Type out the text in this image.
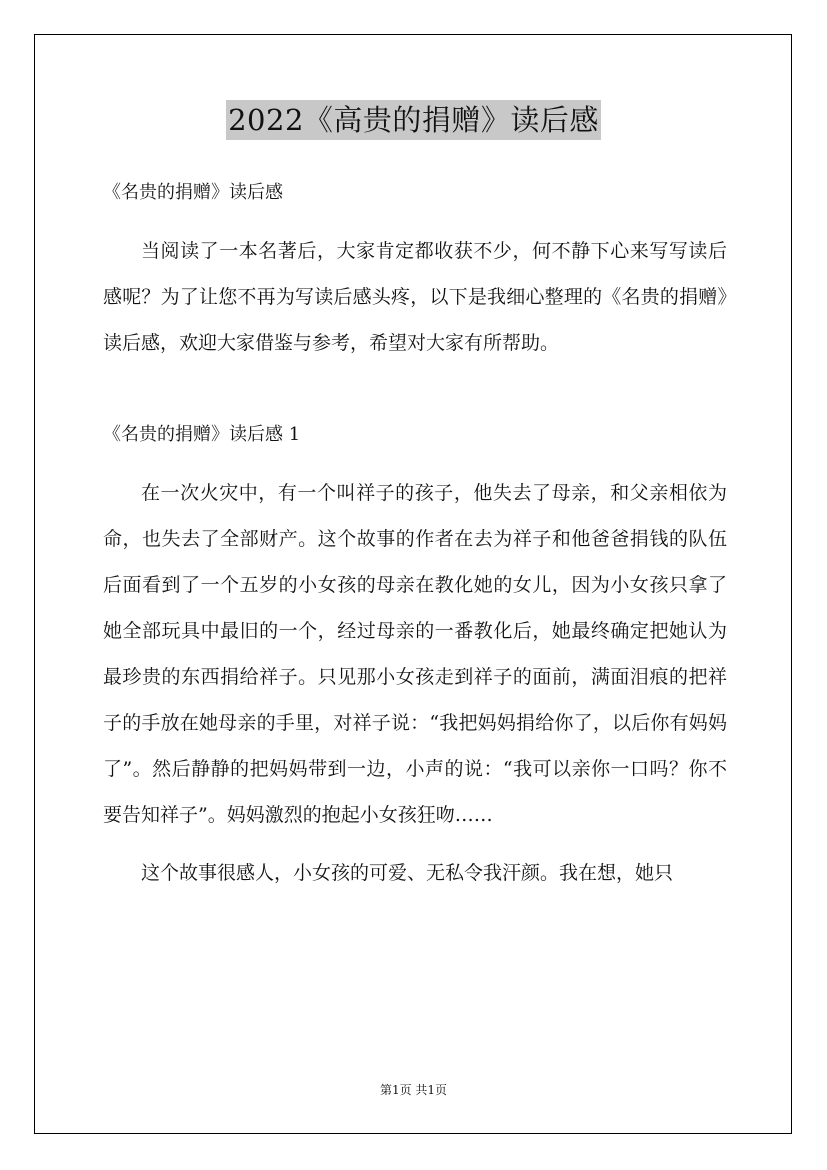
2022《高贵的捐赠》读后感

《名贵的捐赠》读后感

当阅读了一本名著后，大家肯定都收获不少，何不静下心来写写读后感呢？为了让您不再为写读后感头疼，以下是我细心整理的《名贵的捐赠》读后感，欢迎大家借鉴与参考，希望对大家有所帮助。

《名贵的捐赠》读后感 1

在一次火灾中，有一个叫祥子的孩子，他失去了母亲，和父亲相依为命，也失去了全部财产。这个故事的作者在去为祥子和他爸爸捐钱的队伍后面看到了一个五岁的小女孩的母亲在教化她的女儿，因为小女孩只拿了她全部玩具中最旧的一个，经过母亲的一番教化后，她最终确定把她认为最珍贵的东西捐给祥子。只见那小女孩走到祥子的面前，满面泪痕的把祥子的手放在她母亲的手里，对祥子说：“我把妈妈捐给你了，以后你有妈妈了”。然后静静的把妈妈带到一边，小声的说：“我可以亲你一口吗？你不要告知祥子”。妈妈激烈的抱起小女孩狂吻……

这个故事很感人，小女孩的可爱、无私令我汗颜。我在想，她只

第1页 共1页
